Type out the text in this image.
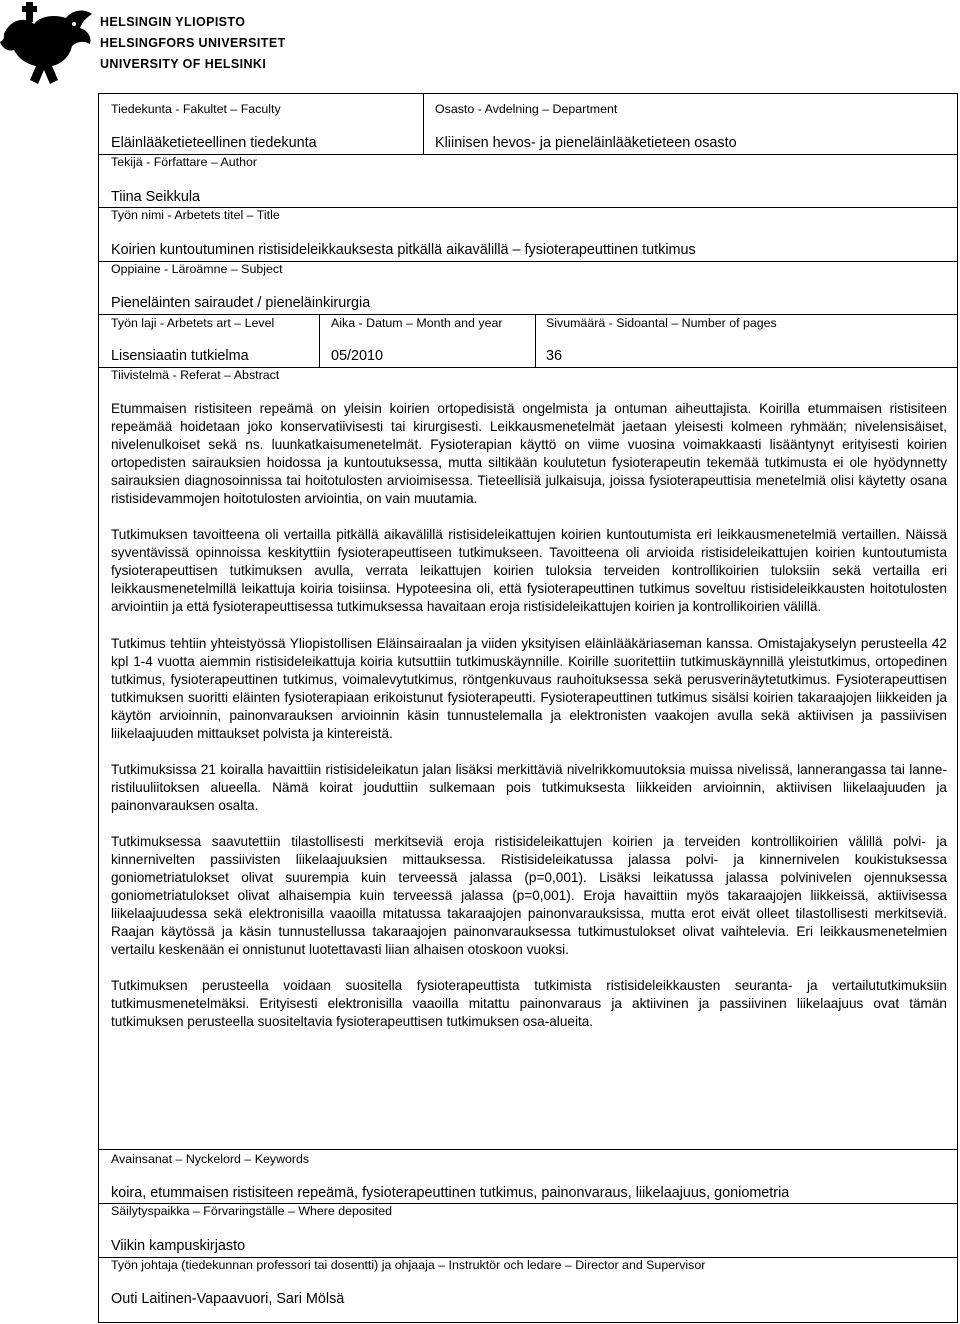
HELSINGIN YLIOPISTO
HELSINGFORS UNIVERSITET
UNIVERSITY OF HELSINKI
Tiedekunta - Fakultet – Faculty
Eläinlääketieteellinen tiedekunta
Osasto - Avdelning – Department
Kliinisen hevos- ja pieneläinlääketieteen osasto
Tekijä - Författare – Author
Tiina Seikkula
Työn nimi - Arbetets titel – Title
Koirien kuntoutuminen ristisideleikkauksesta pitkällä aikavälillä – fysioterapeuttinen tutkimus
Oppiaine - Läroämne – Subject
Pieneläinten sairaudet / pieneläinkirurgia
Työn laji - Arbetets art – Level
Lisensiaatin tutkielma
Aika - Datum – Month and year
05/2010
Sivumäärä - Sidoantal – Number of pages
36
Tiivistelmä - Referat – Abstract

Etummaisen ristisiteen repeämä on yleisin koirien ortopedisistä ongelmista ja ontuman aiheuttajista. Koirilla etummaisen ristisiteen repeämää hoidetaan joko konservatiivisesti tai kirurgisesti. Leikkausmenetelmät jaetaan yleisesti kolmeen ryhmään; nivelensisäiset, nivelenulkoiset sekä ns. luunkatkaisumenetelmät. Fysioterapian käyttö on viime vuosina voimakkaasti lisääntynyt erityisesti koirien ortopedisten sairauksien hoidossa ja kuntoutuksessa, mutta siltikään koulutetun fysioterapeutin tekemää tutkimusta ei ole hyödynnetty sairauksien diagnosoinnissa tai hoitotulosten arvioimisessa. Tieteellisiä julkaisuja, joissa fysioterapeuttisia menetelmiä olisi käytetty osana ristisidevammojen hoitotulosten arviointia, on vain muutamia.

Tutkimuksen tavoitteena oli vertailla pitkällä aikavälillä ristisideleikattujen koirien kuntoutumista eri leikkausmenetelmiä vertaillen. Näissä syventävissä opinnoissa keskityttiin fysioterapeuttiseen tutkimukseen. Tavoitteena oli arvioida ristisideleikattujen koirien kuntoutumista fysioterapeuttisen tutkimuksen avulla, verrata leikattujen koirien tuloksia terveiden kontrollikoirien tuloksiin sekä vertailla eri leikkausmenetelmillä leikattuja koiria toisiinsa. Hypoteesina oli, että fysioterapeuttinen tutkimus soveltuu ristisideleikkausten hoitotulosten arviointiin ja että fysioterapeuttisessa tutkimuksessa havaitaan eroja ristisideleikattujen koirien ja kontrollikoirien välillä.

Tutkimus tehtiin yhteistyössä Yliopistollisen Eläinsairaalan ja viiden yksityisen eläinlääkäriaseman kanssa. Omistajakyselyn perusteella 42 kpl 1-4 vuotta aiemmin ristisideleikattuja koiria kutsuttiin tutkimuskäynnille. Koirille suoritettiin tutkimuskäynnillä yleistutkimus, ortopedinen tutkimus, fysioterapeuttinen tutkimus, voimalevytutkimus, röntgenkuvaus rauhoituksessa sekä perusverinäytetutkimus. Fysioterapeuttisen tutkimuksen suoritti eläinten fysioterapiaan erikoistunut fysioterapeutti. Fysioterapeuttinen tutkimus sisälsi koirien takaraajojen liikkeiden ja käytön arvioinnin, painonvarauksen arvioinnin käsin tunnustelemalla ja elektronisten vaakojen avulla sekä aktiivisen ja passiivisen liikelaajuuden mittaukset polvista ja kintereistä.

Tutkimuksissa 21 koiralla havaittiin ristisideleikatun jalan lisäksi merkittäviä nivelrikkomuutoksia muissa nivelissä, lannerangassa tai lanne-ristiluuliitoksen alueella. Nämä koirat jouduttiin sulkemaan pois tutkimuksesta liikkeiden arvioinnin, aktiivisen liikelaajuuden ja painonvarauksen osalta.

Tutkimuksessa saavutettiin tilastollisesti merkitseviä eroja ristisideleikattujen koirien ja terveiden kontrollikoirien välillä polvi- ja kinnernivelten passiivisten liikelaajuuksien mittauksessa. Ristisideleikatussa jalassa polvi- ja kinnernivelen koukistuksessa goniometriatulokset olivat suurempia kuin terveessä jalassa (p=0,001). Lisäksi leikatussa jalassa polvinivelen ojennuksessa goniometriatulokset olivat alhaisempia kuin terveessä jalassa (p=0,001). Eroja havaittiin myös takaraajojen liikkeissä, aktiivisessa liikelaajuudessa sekä elektronisilla vaaoilla mitatussa takaraajojen painonvarauksissa, mutta erot eivät olleet tilastollisesti merkitseviä. Raajan käytössä ja käsin tunnustellussa takaraajojen painonvarauksessa tutkimustulokset olivat vaihtelevia. Eri leikkausmenetelmien vertailu keskenään ei onnistunut luotettavasti liian alhaisen otoskoon vuoksi.

Tutkimuksen perusteella voidaan suositella fysioterapeuttista tutkimista ristisideleikkausten seuranta- ja vertailututkimuksiin tutkimusmenetelmäksi. Erityisesti elektronisilla vaaoilla mitattu painonvaraus ja aktiivinen ja passiivinen liikelaajuus ovat tämän tutkimuksen perusteella suositeltavia fysioterapeuttisen tutkimuksen osa-alueita.

Avainsanat – Nyckelord – Keywords
koira, etummaisen ristisiteen repeämä, fysioterapeuttinen tutkimus, painonvaraus, liikelaajuus, goniometria
Säilytyspaikka – Förvaringställe – Where deposited
Viikin kampuskirjasto
Työn johtaja (tiedekunnan professori tai dosentti) ja ohjaaja – Instruktör och ledare – Director and Supervisor
Outi Laitinen-Vapaavuori, Sari Mölsä
